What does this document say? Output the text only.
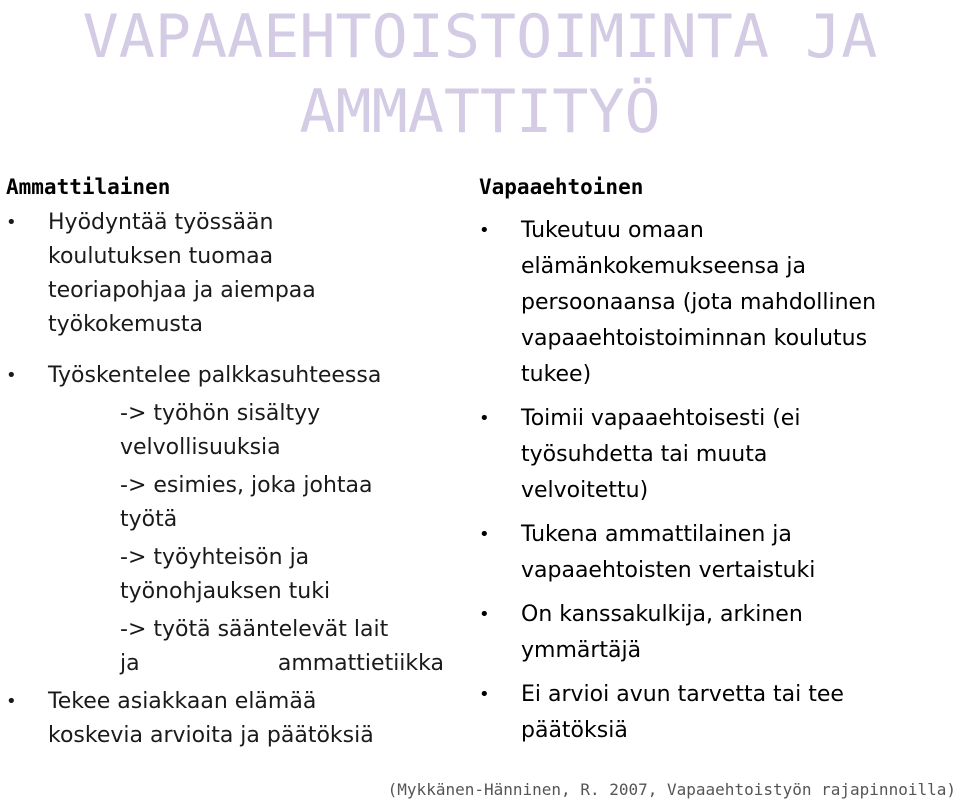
VAPAAEHTOISTOIMINTA JA
AMMATTITYÖ
Ammattilainen
• Hyödyntää työssään
koulutuksen tuomaa
teoriapohjaa ja aiempaa
työkokemusta
• Työskentelee palkkasuhteessa
-> työhön sisältyy
velvollisuuksia
-> esimies, joka johtaa
työtä
-> työyhteisön ja
työnohjauksen tuki
-> työtä sääntelevät lait
ja	ammattietiikka
• Tekee asiakkaan elämää
koskevia arvioita ja päätöksiä
Vapaaehtoinen
• Tukeutuu omaan
elämänkokemukseensa ja
persoonaansa (jota mahdollinen
vapaaehtoistoiminnan koulutus
tukee)
• Toimii vapaaehtoisesti (ei
työsuhdetta tai muuta
velvoitettu)
• Tukena ammattilainen ja
vapaaehtoisten vertaistuki
• On kanssakulkija, arkinen
ymmärtäjä
• Ei arvioi avun tarvetta tai tee
päätöksiä
(Mykkänen-Hänninen, R. 2007, Vapaaehtoistyön rajapinnoilla)
